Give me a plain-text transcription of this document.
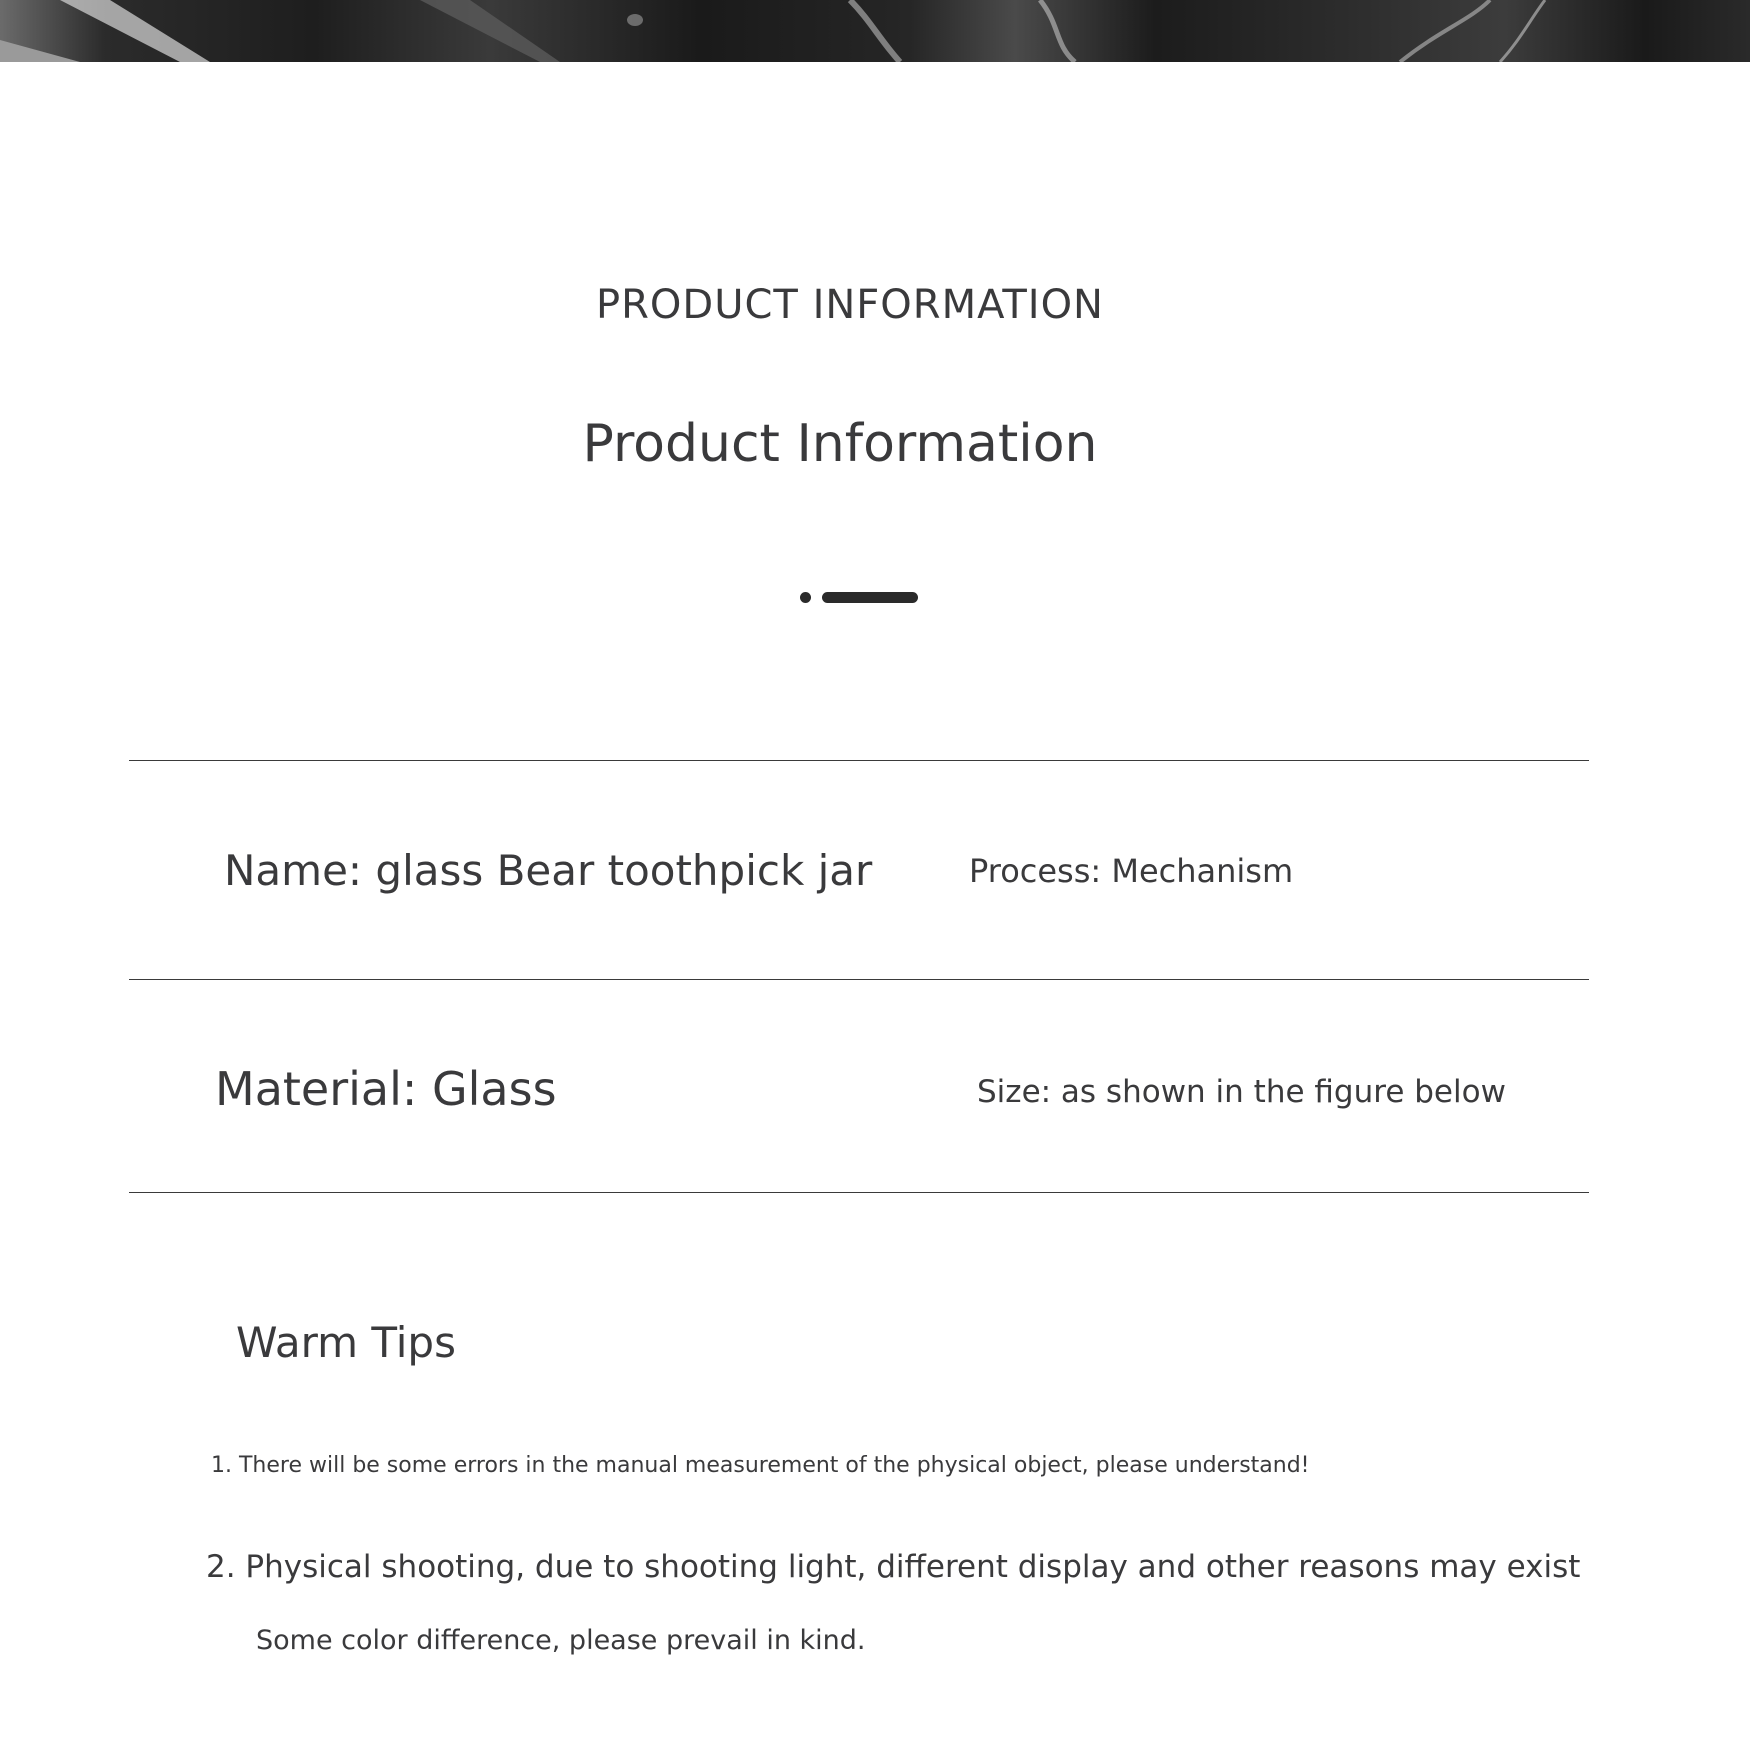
PRODUCT INFORMATION
Product Information
Name: glass Bear toothpick jar	Process: Mechanism
Material: Glass	Size: as shown in the figure below
Warm Tips
1. There will be some errors in the manual measurement of the physical object, please understand!
2. Physical shooting, due to shooting light, different display and other reasons may exist
Some color difference, please prevail in kind.
